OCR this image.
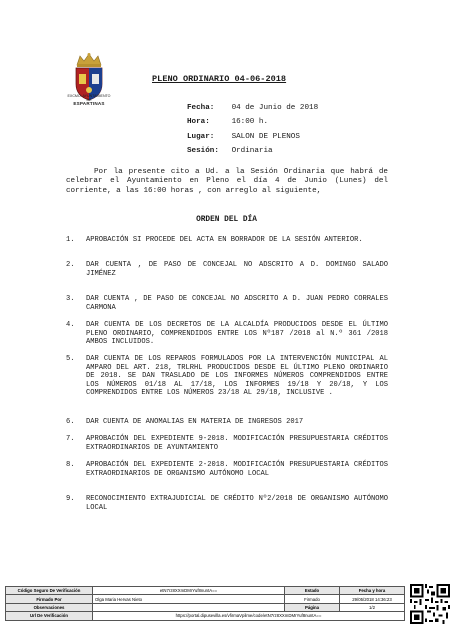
EXCMO. AYUNTAMIENTO
DE
ESPARTINAS
PLENO ORDINARIO 04-06-2018
Fecha: 04 de Junio de 2018
Hora:	16:00 h.
Lugar: SALON DE PLENOS
Sesión: Ordinaria

Por la presente cito a Ud. a la Sesión Ordinaria que habrá de celebrar el Ayuntamiento en Pleno el día 4 de Junio (Lunes) del corriente, a las 16:00 horas , con arreglo al siguiente,

ORDEN DEL DÍA
1. APROBACIÓN SI PROCEDE DEL ACTA EN BORRADOR DE LA SESIÓN ANTERIOR.
2. DAR CUENTA , DE PASO DE CONCEJAL NO ADSCRITO A D. DOMINGO SALADO JIMÉNEZ
3. DAR CUENTA , DE PASO DE CONCEJAL NO ADSCRITO A D. JUAN PEDRO CORRALES CARMONA
4. DAR CUENTA DE LOS DECRETOS DE LA ALCALDÍA PRODUCIDOS DESDE EL ÚLTIMO PLENO ORDINARIO, COMPRENDIDOS ENTRE LOS Nº187 /2018 al N.º 361 /2018 AMBOS INCLUIDOS.
5. DAR CUENTA DE LOS REPAROS FORMULADOS POR LA INTERVENCIÓN MUNICIPAL AL AMPARO DEL ART. 218, TRLRHL PRODUCIDOS DESDE EL ÚLTIMO PLENO ORDINARIO DE 2018. SE DAN TRASLADO DE LOS INFORMES NÚMEROS COMPRENDIDOS ENTRE LOS NÚMEROS 01/18 AL 17/18, LOS INFORMES 19/18 Y 20/18, Y LOS COMPRENDIDOS ENTRE LOS NÚMEROS 23/18 AL 29/18, INCLUSIVE .
6. DAR CUENTA DE ANOMALIAS EN MATERIA DE INGRESOS 2017
7. APROBACIÓN DEL EXPEDIENTE 9-2018. MODIFICACIÓN PRESUPUESTARIA CRÉDITOS EXTRAORDINARIOS DE AYUNTAMIENTO
8. APROBACIÓN DEL EXPEDIENTE 2-2018. MODIFICACIÓN PRESUPUESTARIA CRÉDITOS EXTRAORDINARIOS DE ORGANISMO AUTÓNOMO LOCAL
9. RECONOCIMIENTO EXTRAJUDICIAL DE CRÉDITO Nº2/2018 DE ORGANISMO AUTÓNOMO LOCAL
Código Seguro De Verificación	etN7rz8XXmDMrYuf8nuntA==	Estado	Fecha y hora
Firmado Por	Olga Maria Hervas Nieto	Firmado	29/05/2018 14:36:23
Observaciones		Página	1/2
Url De Verificación	https://portal.dipusevilla.es/vfirmaVpilme/code/etN7rz8XXmDMrYuf8nuntA==		
